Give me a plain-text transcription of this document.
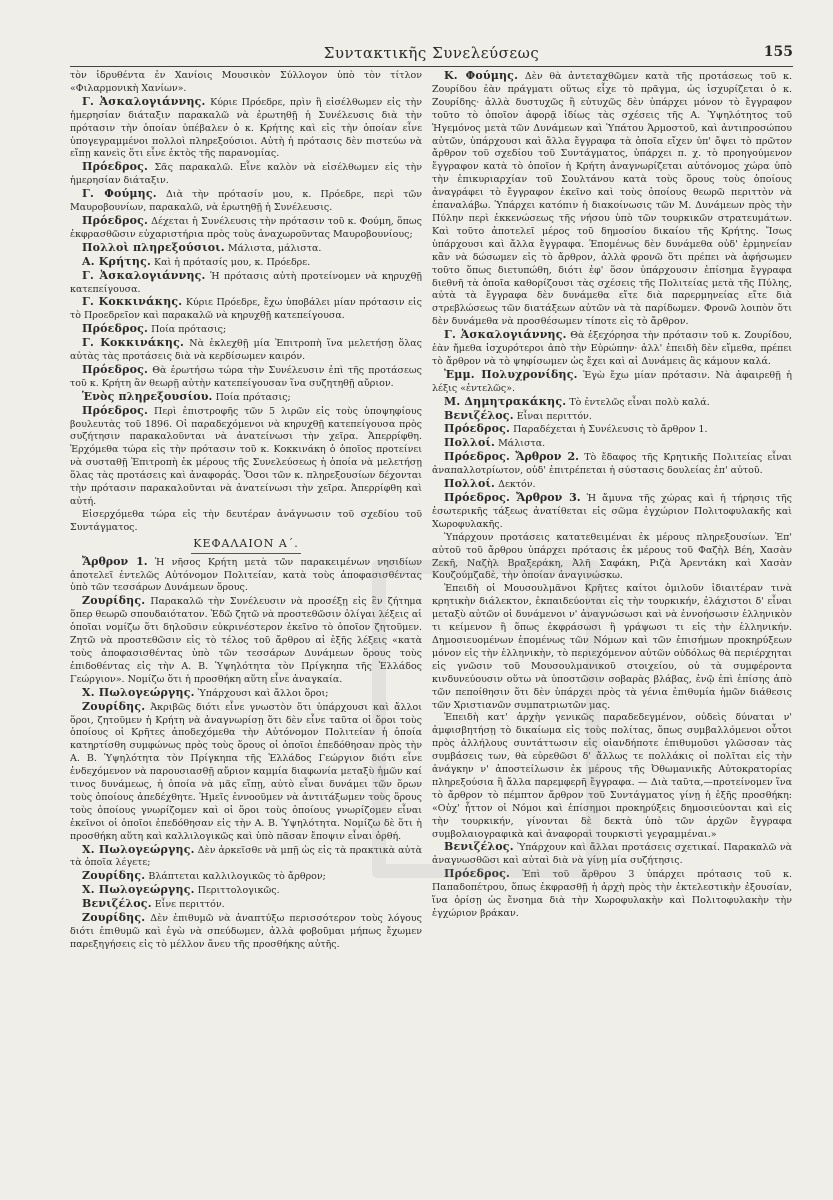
Συντακτικῆς Συνελεύσεως	155

τὸν ἱδρυθέντα ἐν Χανίοις Μουσικὸν Σύλλογον ὑπὸ τὸν τίτλον «Φιλαρμονικὴ Χανίων».

Γ. Ἀσκαλογιάννης. Κύριε Πρόεδρε, πρὶν ἢ εἰσέλθωμεν εἰς τὴν ἡμερησίαν διάταξιν παρακαλῶ νὰ ἐρωτηθῇ ἡ Συνέλευσις διὰ τὴν πρότασιν τὴν ὁποίαν ὑπέβαλεν ὁ κ. Κρήτης καὶ εἰς τὴν ὁποίαν εἶνε ὑπογεγραμμένοι πολλοὶ πληρεξούσιοι. Αὐτὴ ἡ πρότασις δὲν πιστεύω νὰ εἴπῃ κανεὶς ὅτι εἶνε ἐκτὸς τῆς παρανομίας.

Πρόεδρος. Σᾶς παρακαλῶ. Εἶνε καλὸν νὰ εἰσέλθωμεν εἰς τὴν ἡμερησίαν διάταξιν.

Γ. Φούμης. Διὰ τὴν πρότασίν μου, κ. Πρόεδρε, περὶ τῶν Μαυροβουνίων, παρακαλῶ, νὰ ἐρωτηθῇ ἡ Συνέλευσις.

Πρόεδρος. Δέχεται ἡ Συνέλευσις τὴν πρότασιν τοῦ κ. Φούμη, ὅπως ἐκφρασθῶσιν εὐχαριστήρια πρὸς τοὺς ἀναχωροῦντας Μαυροβουνίους;

Πολλοὶ πληρεξούσιοι. Μάλιστα, μάλιστα.

Α. Κρήτης. Καὶ ἡ πρότασίς μου, κ. Πρόεδρε.

Γ. Ἀσκαλογιάννης. Ἡ πρότασις αὐτὴ προτείνομεν νὰ κηρυχθῇ κατεπείγουσα.

Γ. Κοκκινάκης. Κύριε Πρόεδρε, ἔχω ὑποβάλει μίαν πρότασιν εἰς τὸ Προεδρεῖον καὶ παρακαλῶ νὰ κηρυχθῇ κατεπείγουσα.

Πρόεδρος. Ποία πρότασις;

Γ. Κοκκινάκης. Νὰ ἐκλεχθῇ μία Ἐπιτροπὴ ἵνα μελετήσῃ ὅλας αὐτὰς τὰς προτάσεις διὰ νὰ κερδίσωμεν καιρόν.

Πρόεδρος. Θὰ ἐρωτήσω τώρα τὴν Συνέλευσιν ἐπὶ τῆς προτάσεως τοῦ κ. Κρήτη ἂν θεωρῇ αὐτὴν κατεπείγουσαν ἵνα συζητηθῇ αὔριον.

Ἑνὸς πληρεξουσίου. Ποία πρότασις;

Πρόεδρος. Περὶ ἐπιστροφῆς τῶν 5 λιρῶν εἰς τοὺς ὑποψηφίους βουλευτὰς τοῦ 1896. Οἱ παραδεχόμενοι νὰ κηρυχθῇ κατεπείγουσα πρὸς συζήτησιν παρακαλοῦνται νὰ ἀνατείνωσι τὴν χεῖρα. Ἀπερρίφθη. Ἐρχόμεθα τώρα εἰς τὴν πρότασιν τοῦ κ. Κοκκινάκη ὁ ὁποῖος προτείνει νὰ συσταθῇ Ἐπιτροπὴ ἐκ μέρους τῆς Συνελεύσεως ἡ ὁποία νὰ μελετήσῃ ὅλας τὰς προτάσεις καὶ ἀναφοράς. Ὅσοι τῶν κ. πληρεξουσίων δέχονται τὴν πρότασιν παρακαλοῦνται νὰ ἀνατείνωσι τὴν χεῖρα. Ἀπερρίφθη καὶ αὐτή.

Εἰσερχόμεθα τώρα εἰς τὴν δευτέραν ἀνάγνωσιν τοῦ σχεδίου τοῦ Συντάγματος.

ΚΕΦΑΛΑΙΟΝ Α΄.

Ἄρθρον 1. Ἡ νῆσος Κρήτη μετὰ τῶν παρακειμένων νησιδίων ἀποτελεῖ ἐντελῶς Αὐτόνομον Πολιτείαν, κατὰ τοὺς ἀποφασισθέντας ὑπὸ τῶν τεσσάρων Δυνάμεων ὅρους.

Ζουρίδης. Παρακαλῶ τὴν Συνέλευσιν νὰ προσέξῃ εἰς ἓν ζήτημα ὅπερ θεωρῶ σπουδαιότατον. Ἐδῶ ζητῶ νὰ προστεθῶσιν ὀλίγαι λέξεις αἱ ὁποῖαι νομίζω ὅτι δηλοῦσιν εὐκρινέστερον ἐκεῖνο τὸ ὁποῖον ζητοῦμεν. Ζητῶ νὰ προστεθῶσιν εἰς τὸ τέλος τοῦ ἄρθρου αἱ ἑξῆς λέξεις «κατὰ τοὺς ἀποφασισθέντας ὑπὸ τῶν τεσσάρων Δυνάμεων ὅρους τοὺς ἐπιδοθέντας εἰς τὴν Α. Β. Ὑψηλότητα τὸν Πρίγκηπα τῆς Ἑλλάδος Γεώργιον». Νομίζω ὅτι ἡ προσθήκη αὕτη εἶνε ἀναγκαία.

Χ. Πωλογεώργης. Ὑπάρχουσι καὶ ἄλλοι ὅροι;

Ζουρίδης. Ἀκριβῶς διότι εἶνε γνωστὸν ὅτι ὑπάρχουσι καὶ ἄλλοι ὅροι, ζητοῦμεν ἡ Κρήτη νὰ ἀναγνωρίσῃ ὅτι δὲν εἶνε ταῦτα οἱ ὅροι τοὺς ὁποίους οἱ Κρῆτες ἀποδεχόμεθα τὴν Αὐτόνομον Πολιτείαν ἡ ὁποία κατηρτίσθη συμφώνως πρὸς τοὺς ὅρους οἱ ὁποῖοι ἐπεδόθησαν πρὸς τὴν Α. Β. Ὑψηλότητα τὸν Πρίγκηπα τῆς Ἑλλάδος Γεώργιον διότι εἶνε ἐνδεχόμενον νὰ παρουσιασθῇ αὔριον καμμία διαφωνία μεταξὺ ἡμῶν καί τινος δυνάμεως, ἡ ὁποία νὰ μᾶς εἴπῃ, αὐτὸ εἶναι δυνάμει τῶν ὅρων τοὺς ὁποίους ἀπεδέχθητε. Ἡμεῖς ἐννοοῦμεν νὰ ἀντιτάξωμεν τοὺς ὅρους τοὺς ὁποίους γνωρίζομεν καὶ οἱ ὅροι τοὺς ὁποίους γνωρίζομεν εἶναι ἐκεῖνοι οἱ ὁποῖοι ἐπεδόθησαν εἰς τὴν Α. Β. Ὑψηλότητα. Νομίζω δὲ ὅτι ἡ προσθήκη αὕτη καὶ καλλιλογικῶς καὶ ὑπὸ πᾶσαν ἔποψιν εἶναι ὀρθή.

Χ. Πωλογεώργης. Δὲν ἀρκεῖσθε νὰ μπῇ ὡς εἰς τὰ πρακτικὰ αὐτὰ τὰ ὁποῖα λέγετε;

Ζουρίδης. Βλάπτεται καλλιλογικῶς τὸ ἄρθρον;

Χ. Πωλογεώργης. Περιττολογικῶς.

Βενιζέλος. Εἶνε περιττόν.

Ζουρίδης. Δὲν ἐπιθυμῶ νὰ ἀναπτύξω περισσότερον τοὺς λόγους διότι ἐπιθυμῶ καὶ ἐγὼ νὰ σπεύδωμεν, ἀλλὰ φοβοῦμαι μήπως ἔχωμεν παρεξηγήσεις εἰς τὸ μέλλον ἄνευ τῆς προσθήκης αὐτῆς.

Κ. Φούμης. Δὲν θὰ ἀντεταχθῶμεν κατὰ τῆς προτάσεως τοῦ κ. Ζουρίδου ἐὰν πράγματι οὕτως εἶχε τὸ πρᾶγμα, ὡς ἰσχυρίζεται ὁ κ. Ζουρίδης· ἀλλὰ δυστυχῶς ἢ εὐτυχῶς δὲν ὑπάρχει μόνον τὸ ἔγγραφον τοῦτο τὸ ὁποῖον ἀφορᾷ ἰδίως τὰς σχέσεις τῆς Α. Ὑψηλότητος τοῦ Ἡγεμόνος μετὰ τῶν Δυνάμεων καὶ Ὑπάτου Ἁρμοστοῦ, καὶ ἀντιπροσώπου αὐτῶν, ὑπάρχουσι καὶ ἄλλα ἔγγραφα τὰ ὁποῖα εἴχεν ὑπ' ὄψει τὸ πρῶτον ἄρθρον τοῦ σχεδίου τοῦ Συντάγματος, ὑπάρχει π. χ. τὸ προηγούμενον ἔγγραφον κατὰ τὸ ὁποῖον ἡ Κρήτη ἀναγνωρίζεται αὐτόνομος χώρα ὑπὸ τὴν ἐπικυριαρχίαν τοῦ Σουλτάνου κατὰ τοὺς ὅρους τοὺς ὁποίους ἀναγράφει τὸ ἔγγραφον ἐκεῖνο καὶ τοὺς ὁποίους θεωρῶ περιττὸν νὰ ἐπαναλάβω. Ὑπάρχει κατόπιν ἡ διακοίνωσις τῶν Μ. Δυνάμεων πρὸς τὴν Πύλην περὶ ἐκκενώσεως τῆς νήσου ὑπὸ τῶν τουρκικῶν στρατευμάτων. Καὶ τοῦτο ἀποτελεῖ μέρος τοῦ δημοσίου δικαίου τῆς Κρήτης. Ἴσως ὑπάρχουσι καὶ ἄλλα ἔγγραφα. Ἑπομένως δὲν δυνάμεθα οὐδ' ἑρμηνείαν κἂν νὰ δώσωμεν εἰς τὸ ἄρθρον, ἀλλὰ φρονῶ ὅτι πρέπει νὰ ἀφήσωμεν τοῦτο ὅπως διετυπώθη, διότι ἐφ' ὅσον ὑπάρχουσιν ἐπίσημα ἔγγραφα διεθνῆ τὰ ὁποῖα καθορίζουσι τὰς σχέσεις τῆς Πολιτείας μετὰ τῆς Πύλης, αὐτὰ τὰ ἔγγραφα δὲν δυνάμεθα εἴτε διὰ παρερμηνείας εἴτε διὰ στρεβλώσεως τῶν διατάξεων αὐτῶν νὰ τὰ παρίδωμεν. Φρονῶ λοιπὸν ὅτι δὲν δυνάμεθα νὰ προσθέσωμεν τίποτε εἰς τὸ ἄρθρον.

Γ. Ἀσκαλογιάννης. Θὰ ἐξεχόρησα τὴν πρότασιν τοῦ κ. Ζουρίδου, ἐὰν ἤμεθα ἰσχυρότεροι ἀπὸ τὴν Εὐρώπην· ἀλλ' ἐπειδὴ δὲν εἴμεθα, πρέπει τὸ ἄρθρον νὰ τὸ ψηφίσωμεν ὡς ἔχει καὶ αἱ Δυνάμεις ἂς κάμουν καλά.

Ἐμμ. Πολυχρονίδης. Ἐγὼ ἔχω μίαν πρότασιν. Νὰ ἀφαιρεθῇ ἡ λέξις «ἐντελῶς».

Μ. Δημητρακάκης. Τὸ ἐντελῶς εἶναι πολὺ καλά.

Βενιζέλος. Εἶναι περιττόν.

Πρόεδρος. Παραδέχεται ἡ Συνέλευσις τὸ ἄρθρον 1.

Πολλοί. Μάλιστα.

Πρόεδρος. Ἄρθρον 2. Τὸ ἔδαφος τῆς Κρητικῆς Πολιτείας εἶναι ἀναπαλλοτρίωτον, οὐδ' ἐπιτρέπεται ἡ σύστασις δουλείας ἐπ' αὐτοῦ.

Πολλοί. Δεκτόν.

Πρόεδρος. Ἄρθρον 3. Ἡ ἄμυνα τῆς χώρας καὶ ἡ τήρησις τῆς ἐσωτερικῆς τάξεως ἀνατίθεται εἰς σῶμα ἐγχώριον Πολιτοφυλακῆς καὶ Χωροφυλακῆς.

Ὑπάρχουν προτάσεις κατατεθειμέναι ἐκ μέρους πληρεξουσίων. Ἐπ' αὐτοῦ τοῦ ἄρθρου ὑπάρχει πρότασις ἐκ μέρους τοῦ Φαζὴλ Βέη, Χασὰν Ζεκῆ, Ναζὴλ Βραξεράκη, Ἀλῆ Σαφάκη, Ριζὰ Ἀρεντάκη καὶ Χασὰν Κουζούμζαδὲ, τὴν ὁποίαν ἀναγινώσκω.

Ἐπειδὴ οἱ Μουσουλμᾶνοι Κρῆτες καίτοι ὁμιλοῦν ἰδιαιτέραν τινὰ κρητικὴν διάλεκτον, ἐκπαιδεύονται εἰς τὴν τουρκικήν, ἐλάχιστοι δ' εἶναι μεταξὺ αὐτῶν οἱ δυνάμενοι ν' ἀναγνώσωσι καὶ νὰ ἐννοήσωσιν ἑλληνικὸν τι κείμενον ἢ ὅπως ἐκφράσωσι ἢ γράψωσι τι εἰς τὴν ἑλληνικήν. Δημοσιευομένων ἑπομένως τῶν Νόμων καὶ τῶν ἐπισήμων προκηρύξεων μόνον εἰς τὴν ἑλληνικὴν, τὸ περιεχόμενον αὐτῶν οὐδόλως θὰ περιέρχηται εἰς γνῶσιν τοῦ Μουσουλμανικοῦ στοιχείου, οὐ τὰ συμφέροντα κινδυνεύουσιν οὕτω νὰ ὑποστῶσιν σοβαρὰς βλάβας, ἐνῷ ἐπὶ ἐπίσης ἀπὸ τῶν πεποίθησιν ὅτι δὲν ὑπάρχει πρὸς τὰ γένια ἐπιθυμία ἡμῶν διάθεσις τῶν Χριστιανῶν συμπατριωτῶν μας.

Ἐπειδὴ κατ' ἀρχὴν γενικῶς παραδεδεγμένον, οὐδεὶς δύναται ν' ἀμφισβητήσῃ τὸ δικαίωμα εἰς τοὺς πολίτας, ὅπως συμβαλλόμενοι οὗτοι πρὸς ἀλλήλους συντάττωσιν εἰς οἱανδήποτε ἐπιθυμοῦσι γλῶσσαν τὰς συμβάσεις των, θὰ εὑρεθῶσι δ' ἄλλως τε πολλάκις οἱ πολῖται εἰς τὴν ἀνάγκην ν' ἀποστείλωσιν ἐκ μέρους τῆς Ὀθωμανικῆς Αὐτοκρατορίας πληρεξούσια ἢ ἄλλα παρεμφερῆ ἔγγραφα. — Διὰ ταῦτα,—προτείνομεν ἵνα τὸ ἄρθρον τὸ πέμπτον ἄρθρον τοῦ Συντάγματος γίνῃ ἡ ἑξῆς προσθήκη: «Οὐχ' ἧττον οἱ Νόμοι καὶ ἐπίσημοι προκηρύξεις δημοσιεύονται καὶ εἰς τὴν τουρκικήν, γίνονται δὲ δεκτὰ ὑπὸ τῶν ἀρχῶν ἔγγραφα συμβολαιογραφικὰ καὶ ἀναφοραὶ τουρκιστὶ γεγραμμέναι.»

Βενιζέλος. Ὑπάρχουν καὶ ἄλλαι προτάσεις σχετικαί. Παρακαλῶ νὰ ἀναγνωσθῶσι καὶ αὐταὶ διὰ νὰ γίνῃ μία συζήτησις.

Πρόεδρος. Ἐπὶ τοῦ ἄρθρου 3 ὑπάρχει πρότασις τοῦ κ. Παπαδοπέτρου, ὅπως ἐκφρασθῇ ἡ ἀρχὴ πρὸς τὴν ἐκτελεστικὴν ἐξουσίαν, ἵνα ὁρίσῃ ὡς ἔνσημα διὰ τὴν Χωροφυλακὴν καὶ Πολιτοφυλακὴν τὴν ἐγχώριον βράκαν.
